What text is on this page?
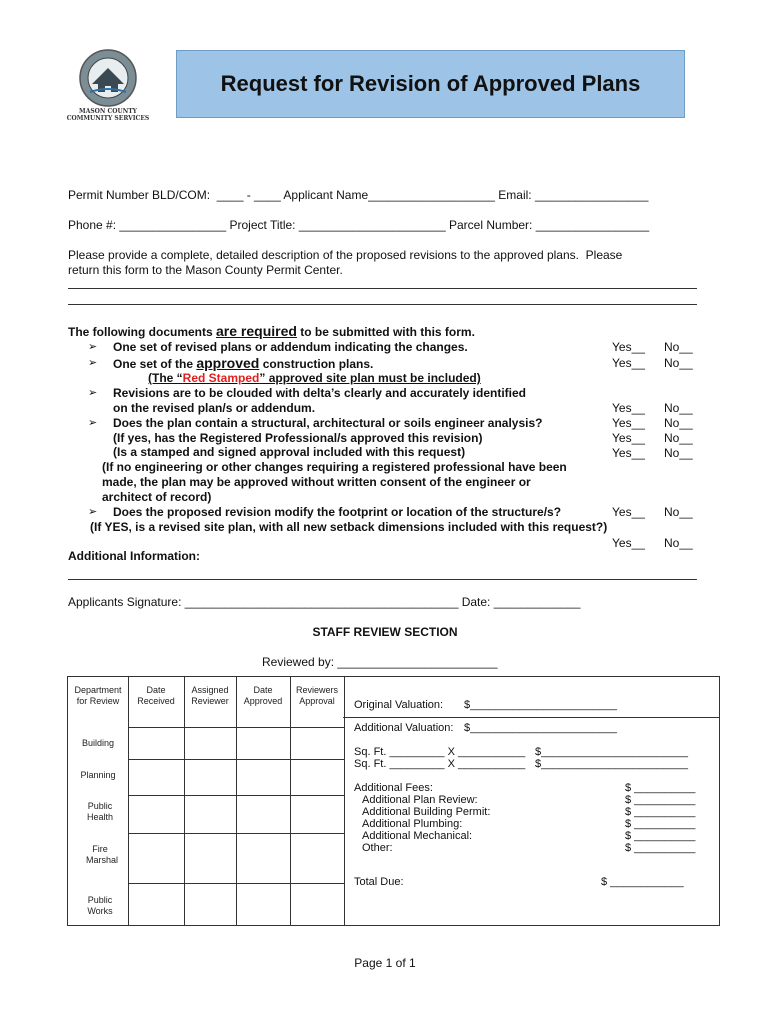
MASON COUNTY
COMMUNITY SERVICES
Request for Revision of Approved Plans
Permit Number BLD/COM:  ____ - ____ Applicant Name___________________ Email: _________________
Phone #: ________________ Project Title: ______________________ Parcel Number: _________________
Please provide a complete, detailed description of the proposed revisions to the approved plans.  Please
return this form to the Mason County Permit Center.
The following documents are required to be submitted with this form.
➢ One set of revised plans or addendum indicating the changes.
➢ One set of the approved construction plans.
(The “Red Stamped” approved site plan must be included)
➢ Revisions are to be clouded with delta’s clearly and accurately identified
on the revised plan/s or addendum.
➢ Does the plan contain a structural, architectural or soils engineer analysis?
(If yes, has the Registered Professional/s approved this revision)
(Is a stamped and signed approval included with this request)
(If no engineering or other changes requiring a registered professional have been
made, the plan may be approved without written consent of the engineer or
architect of record)
➢ Does the proposed revision modify the footprint or location of the structure/s?
(If YES, is a revised site plan, with all new setback dimensions included with this request?)
Yes__ No__
Yes__ No__
Yes__ No__
Yes__ No__
Yes__ No__
Yes__ No__
Yes__ No__
Yes__ No__
Additional Information:
Applicants Signature: _________________________________________ Date: _____________
STAFF REVIEW SECTION
Reviewed by: ________________________
Department for Review
Date Received
Assigned Reviewer
Date Approved
Reviewers Approval
Building
Planning
Public Health
Fire Marshal
Public Works
Original Valuation: $________________________
Additional Valuation: $________________________
Sq. Ft. _________ X ___________ $________________________
Sq. Ft. _________ X ___________ $________________________
Additional Fees:
Additional Plan Review:
Additional Building Permit:
Additional Plumbing:
Additional Mechanical:
Other:
$ __________
$ __________
$ __________
$ __________
$ __________
$ __________
Total Due:	$ ____________
Page 1 of 1
